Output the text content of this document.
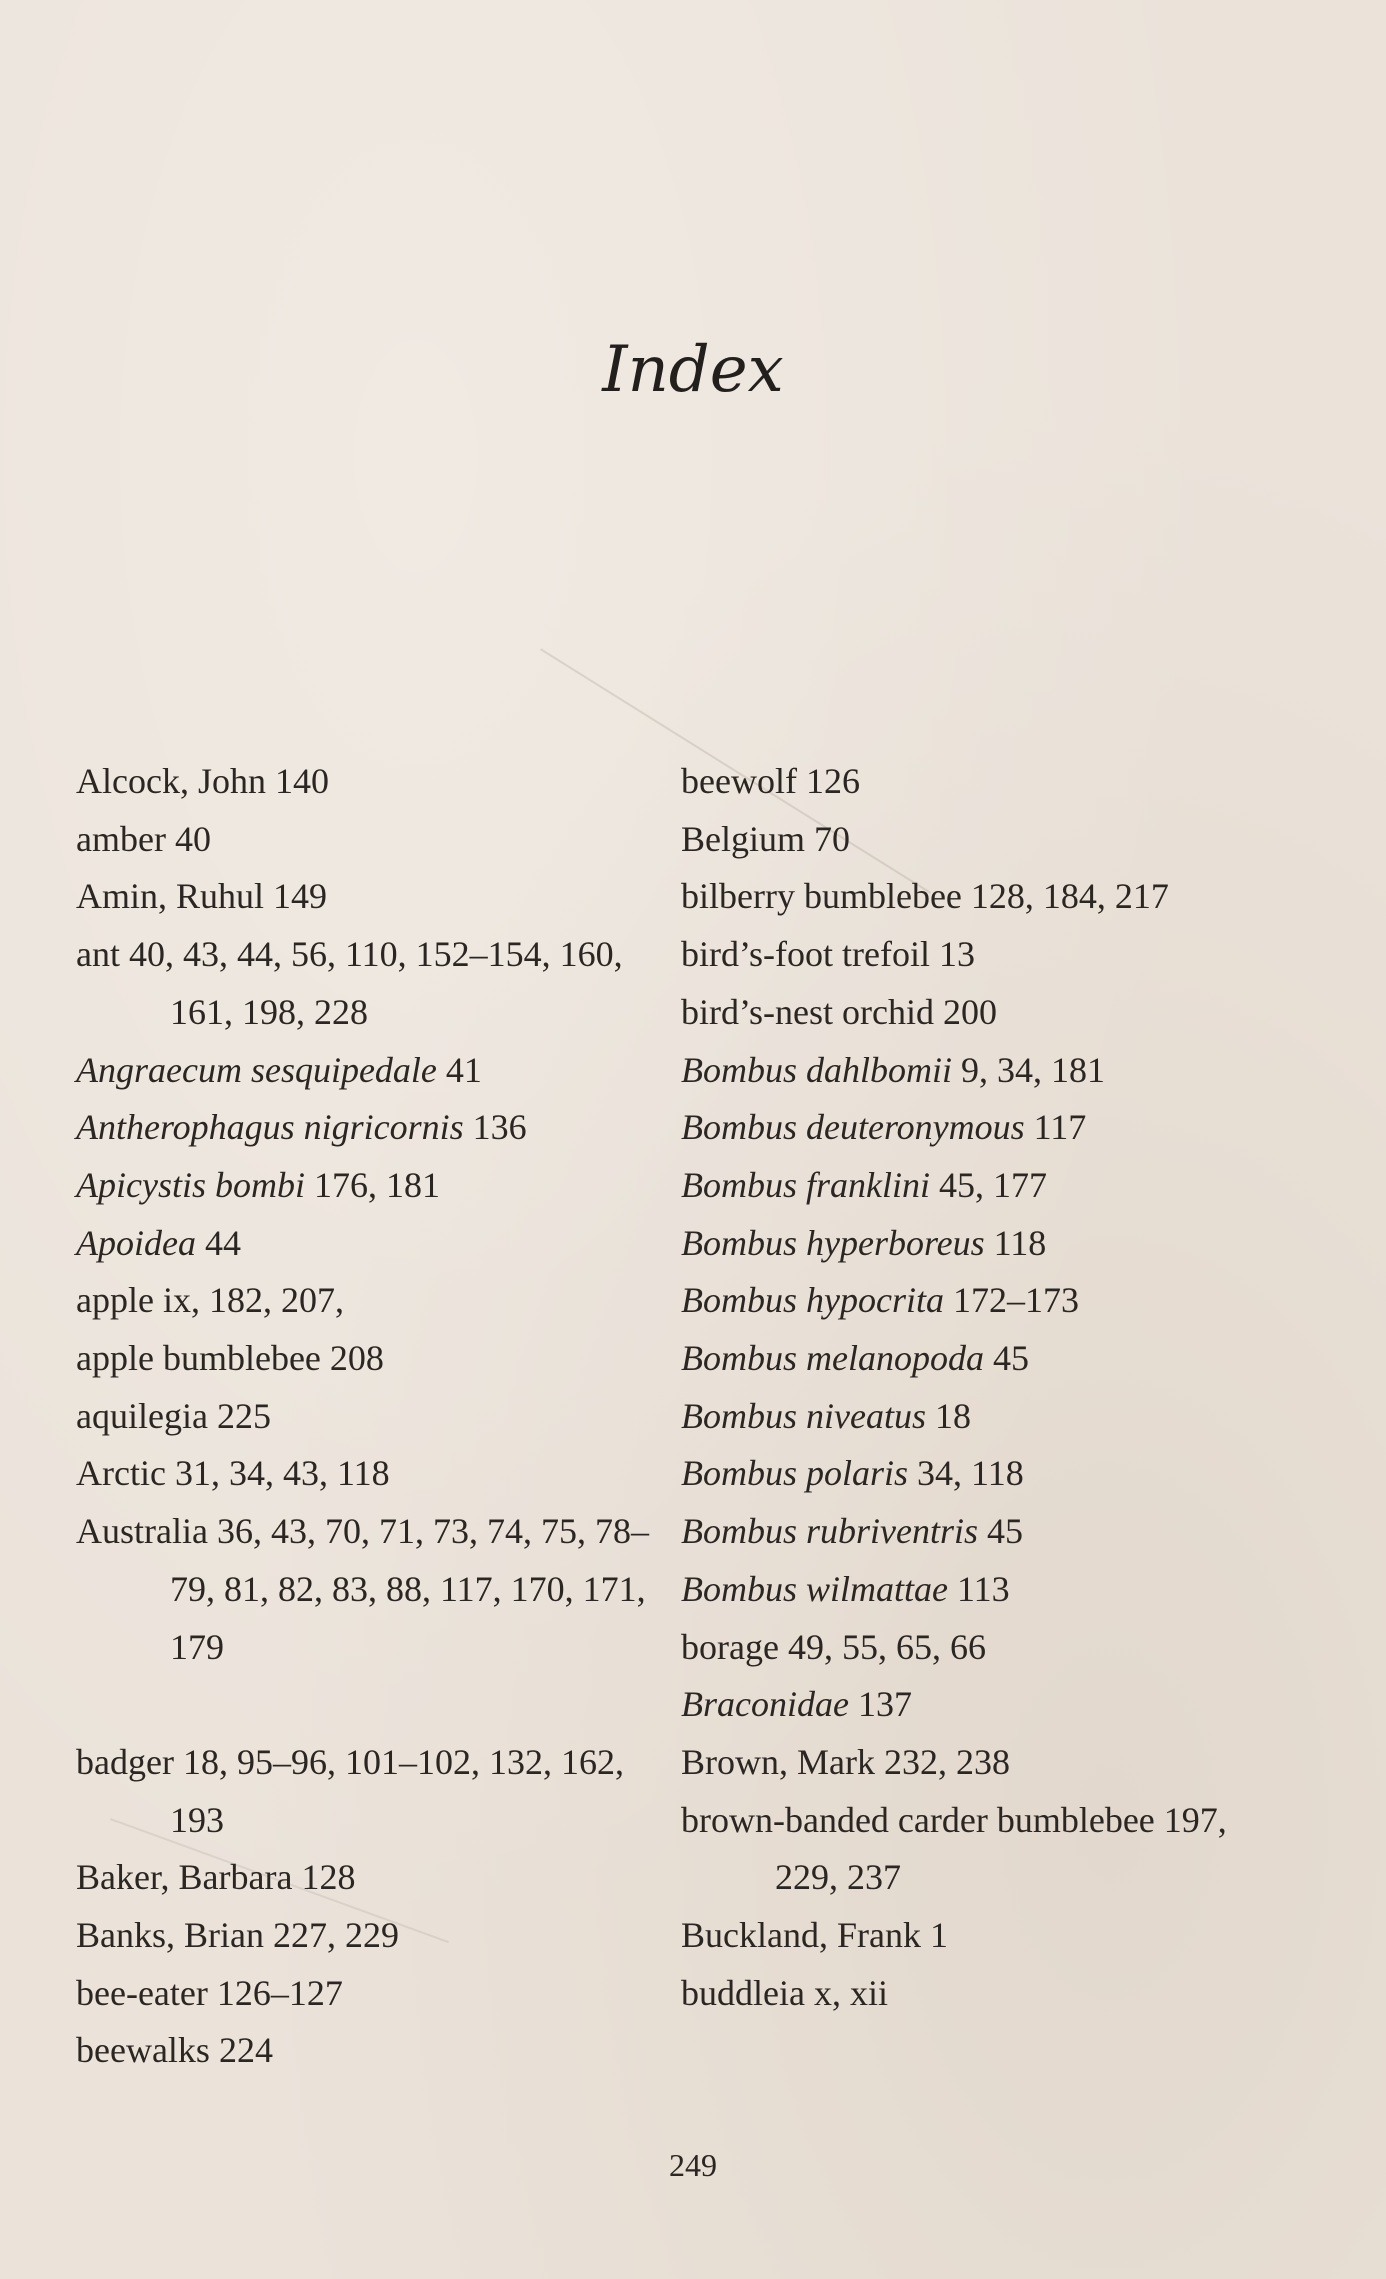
Index
Alcock, John 140
amber 40
Amin, Ruhul 149
ant 40, 43, 44, 56, 110, 152–154, 160, 161, 198, 228
Angraecum sesquipedale 41
Antherophagus nigricornis 136
Apicystis bombi 176, 181
Apoidea 44
apple ix, 182, 207,
apple bumblebee 208
aquilegia 225
Arctic 31, 34, 43, 118
Australia 36, 43, 70, 71, 73, 74, 75, 78–79, 81, 82, 83, 88, 117, 170, 171, 179
badger 18, 95–96, 101–102, 132, 162, 193
Baker, Barbara 128
Banks, Brian 227, 229
bee-eater 126–127
beewalks 224
beewolf 126
Belgium 70
bilberry bumblebee 128, 184, 217
bird’s-foot trefoil 13
bird’s-nest orchid 200
Bombus dahlbomii 9, 34, 181
Bombus deuteronymous 117
Bombus franklini 45, 177
Bombus hyperboreus 118
Bombus hypocrita 172–173
Bombus melanopoda 45
Bombus niveatus 18
Bombus polaris 34, 118
Bombus rubriventris 45
Bombus wilmattae 113
borage 49, 55, 65, 66
Braconidae 137
Brown, Mark 232, 238
brown-banded carder bumblebee 197, 229, 237
Buckland, Frank 1
buddleia x, xii
249
